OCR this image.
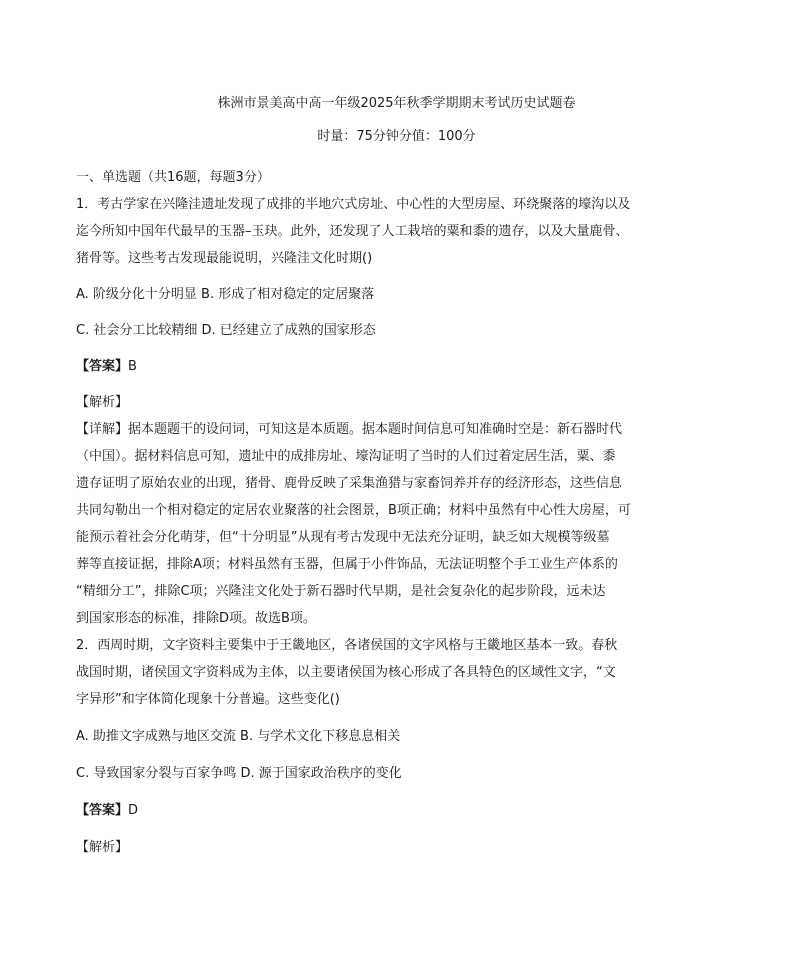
株洲市景美高中高一年级2025年秋季学期期末考试历史试题卷
时量：75分钟分值：100分
一、单选题（共16题，每题3分）
1．考古学家在兴隆洼遗址发现了成排的半地穴式房址、中心性的大型房屋、环绕聚落的壕沟以及
迄今所知中国年代最早的玉器–玉玦。此外，还发现了人工栽培的粟和黍的遗存，以及大量鹿骨、
猪骨等。这些考古发现最能说明，兴隆洼文化时期()
A. 阶级分化十分明显 B. 形成了相对稳定的定居聚落
C. 社会分工比较精细 D. 已经建立了成熟的国家形态
【答案】B
【解析】
【详解】据本题题干的设问词，可知这是本质题。据本题时间信息可知准确时空是：新石器时代
（中国）。据材料信息可知，遗址中的成排房址、壕沟证明了当时的人们过着定居生活，粟、黍
遗存证明了原始农业的出现，猪骨、鹿骨反映了采集渔猎与家畜饲养并存的经济形态，这些信息
共同勾勒出一个相对稳定的定居农业聚落的社会图景，B项正确；材料中虽然有中心性大房屋，可
能预示着社会分化萌芽，但“十分明显”从现有考古发现中无法充分证明，缺乏如大规模等级墓
葬等直接证据，排除A项；材料虽然有玉器，但属于小件饰品，无法证明整个手工业生产体系的
“精细分工”，排除C项；兴隆洼文化处于新石器时代早期，是社会复杂化的起步阶段，远未达
到国家形态的标准，排除D项。故选B项。
2．西周时期，文字资料主要集中于王畿地区，各诸侯国的文字风格与王畿地区基本一致。春秋
战国时期，诸侯国文字资料成为主体，以主要诸侯国为核心形成了各具特色的区域性文字，“文
字异形”和字体简化现象十分普遍。这些变化()
A. 助推文字成熟与地区交流 B. 与学术文化下移息息相关
C. 导致国家分裂与百家争鸣 D. 源于国家政治秩序的变化
【答案】D
【解析】
